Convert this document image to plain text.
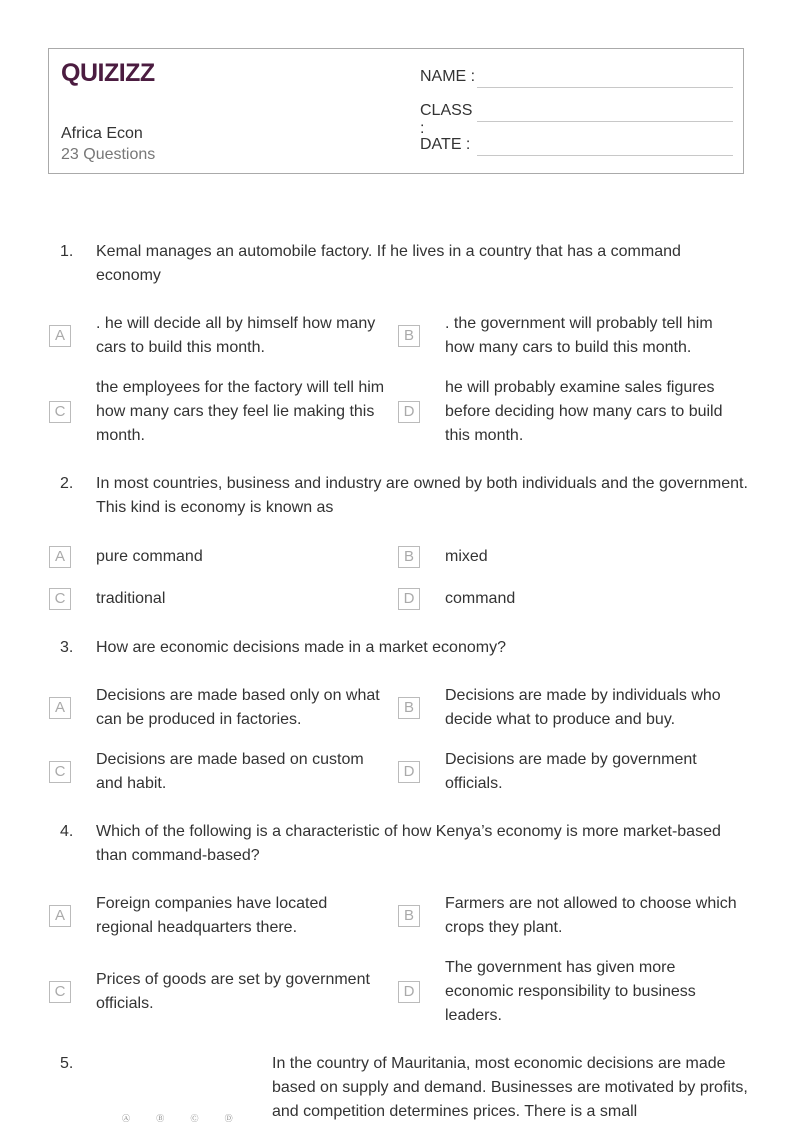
QUIZIZZ
Africa Econ
23 Questions
NAME :
CLASS :
DATE :
1. Kemal manages an automobile factory. If he lives in a country that has a command economy
A
. he will decide all by himself how many cars to build this month.
B
. the government will probably tell him how many cars to build this month.
C
the employees for the factory will tell him how many cars they feel lie making this month.
D
he will probably examine sales figures before deciding how many cars to build this month.
2. In most countries, business and industry are owned by both individuals and the government. This kind is economy is known as
A	pure command	B	mixed
C	traditional	D	command
3. How are economic decisions made in a market economy?
A
Decisions are made based only on what can be produced in factories.
B
Decisions are made by individuals who decide what to produce and buy.
C
Decisions are made based on custom and habit.
D
Decisions are made by government officials.
4. Which of the following is a characteristic of how Kenya’s economy is more market-based than command-based?
A
Foreign companies have located regional headquarters there.
B
Farmers are not allowed to choose which crops they plant.
C
Prices of goods are set by government officials.
D
The government has given more economic responsibility to business leaders.
5.	In the country of Mauritania, most economic decisions are made based on supply and demand. Businesses are motivated by profits, and competition determines prices. There is a small
Ⓐ Ⓑ Ⓒ Ⓓ
